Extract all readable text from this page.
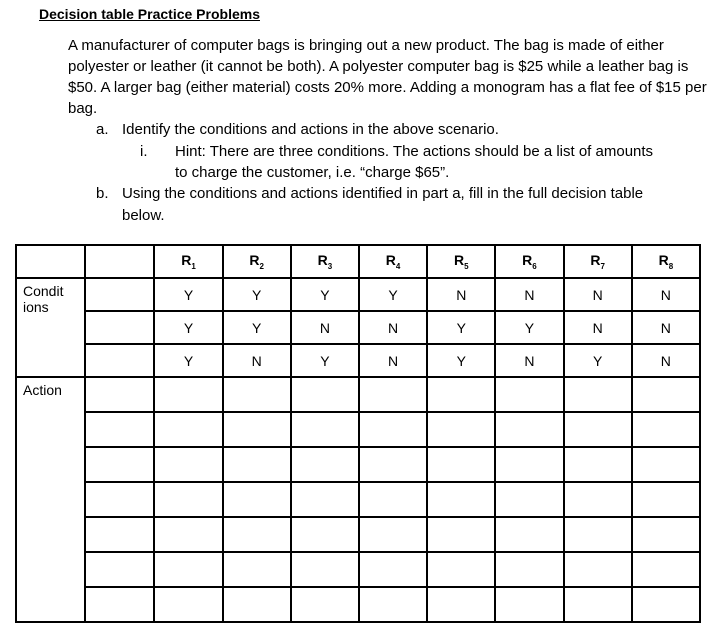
Decision table Practice Problems
A manufacturer of computer bags is bringing out a new product. The bag is made of either polyester or leather (it cannot be both). A polyester computer bag is $25 while a leather bag is $50. A larger bag (either material) costs 20% more. Adding a monogram has a flat fee of $15 per bag.
a. Identify the conditions and actions in the above scenario.
i. Hint: There are three conditions. The actions should be a list of amounts
to charge the customer, i.e. “charge $65”.
b. Using the conditions and actions identified in part a, fill in the full decision table
below.
		$R_1$	$R_2$	$R_3$	$R_4$	$R_5$	$R_6$	$R_7$	$R_8$
Condit ions		Y	Y	Y	Y	N	N	N	N
		Y	Y	N	N	Y	Y	N	N
		Y	N	Y	N	Y	N	Y	N
Action									
